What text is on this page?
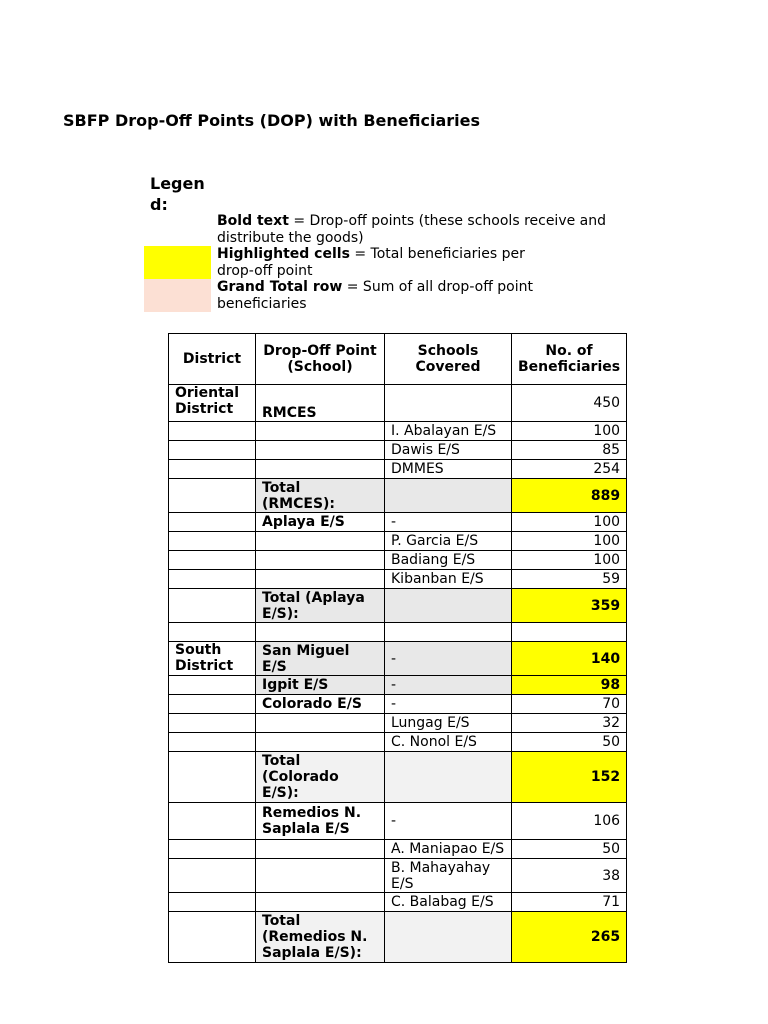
SBFP Drop-Off Points (DOP) with Beneficiaries
Legend:
Bold text = Drop-off points (these schools receive and distribute the goods)
Highlighted cells = Total beneficiaries per drop-off point
Grand Total row = Sum of all drop-off point beneficiaries
District	Drop-Off Point (School)	Schools Covered	No. of Beneficiaries
Oriental District	RMCES		450
		I. Abalayan E/S	100
		Dawis E/S	85
		DMMES	254
	Total (RMCES):		889
	Aplaya E/S	-	100
		P. Garcia E/S	100
		Badiang E/S	100
		Kibanban E/S	59
	Total (Aplaya E/S):		359

South District	San Miguel E/S	-	140
	Igpit E/S	-	98
	Colorado E/S	-	70
		Lungag E/S	32
		C. Nonol E/S	50
	Total (Colorado E/S):		152
	Remedios N. Saplala E/S	-	106
		A. Maniapao E/S	50
		B. Mahayahay E/S	38
		C. Balabag E/S	71
	Total (Remedios N. Saplala E/S):		265
